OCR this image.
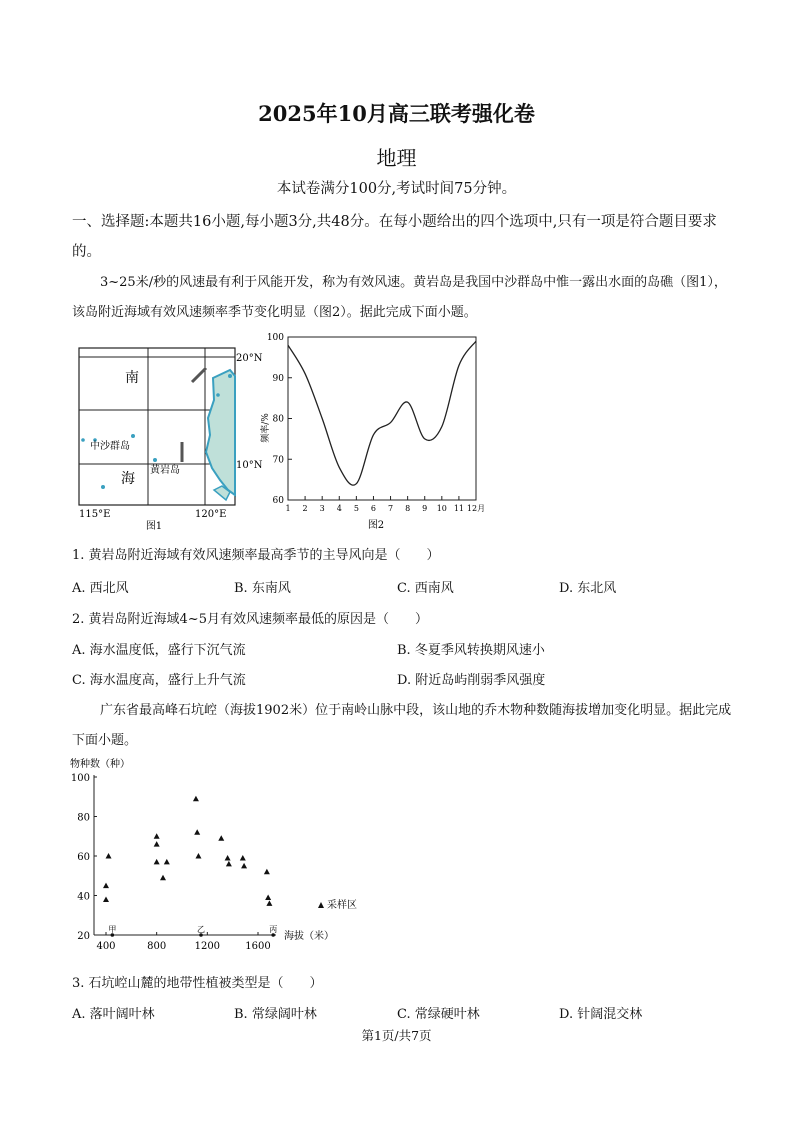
2025年10月高三联考强化卷
地理
本试卷满分100分,考试时间75分钟。
一、选择题:本题共16小题,每小题3分,共48分。在每小题给出的四个选项中,只有一项是符合题目要求的。
3~25米/秒的风速最有利于风能开发，称为有效风速。黄岩岛是我国中沙群岛中惟一露出水面的岛礁（图1），该岛附近海域有效风速频率季节变化明显（图2）。据此完成下面小题。
南
海
中沙群岛
黄岩岛
20°N
10°N
115°E	120°E
图1
100
90
80
70
60
1 2 3 4 5 6 7 8 9 10 11 12月
频率/%
图2
1. 黄岩岛附近海域有效风速频率最高季节的主导风向是（　　）
A. 西北风	B. 东南风	C. 西南风	D. 东北风
2. 黄岩岛附近海域4~5月有效风速频率最低的原因是（　　）
A. 海水温度低，盛行下沉气流	B. 冬夏季风转换期风速小
C. 海水温度高，盛行上升气流	D. 附近岛屿削弱季风强度
广东省最高峰石坑崆（海拔1902米）位于南岭山脉中段，该山地的乔木物种数随海拔增加变化明显。据此完成下面小题。
物种数（种）
100
80
60
40
20
400	800	1200	1600
甲	乙	丙
海拔（米）
采样区
3. 石坑崆山麓的地带性植被类型是（　　）
A. 落叶阔叶林	B. 常绿阔叶林	C. 常绿硬叶林	D. 针阔混交林
第1页/共7页
